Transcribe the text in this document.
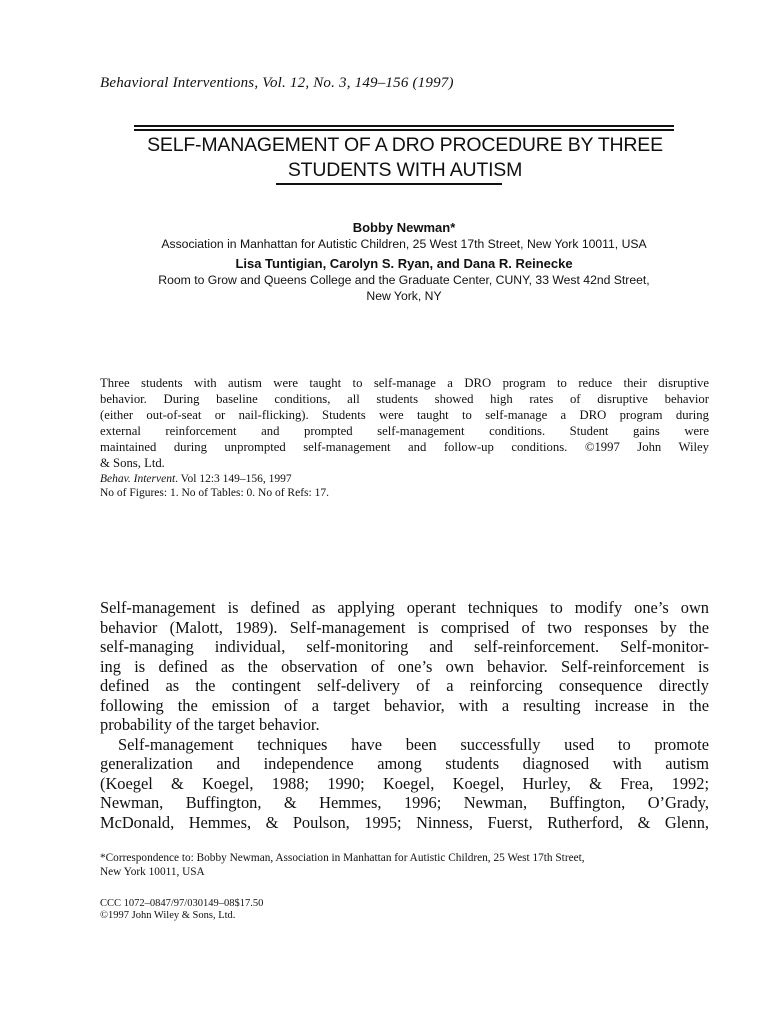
Behavioral Interventions, Vol. 12, No. 3, 149–156 (1997)
SELF-MANAGEMENT OF A DRO PROCEDURE BY THREE
STUDENTS WITH AUTISM
Bobby Newman*
Association in Manhattan for Autistic Children, 25 West 17th Street, New York 10011, USA
Lisa Tuntigian, Carolyn S. Ryan, and Dana R. Reinecke
Room to Grow and Queens College and the Graduate Center, CUNY, 33 West 42nd Street,
New York, NY
Three students with autism were taught to self-manage a DRO program to reduce their disruptive
behavior. During baseline conditions, all students showed high rates of disruptive behavior
(either out-of-seat or nail-flicking). Students were taught to self-manage a DRO program during
external reinforcement and prompted self-management conditions. Student gains were
maintained during unprompted self-management and follow-up conditions. ©1997 John Wiley
& Sons, Ltd.
Behav. Intervent. Vol 12:3 149–156, 1997
No of Figures: 1. No of Tables: 0. No of Refs: 17.
Self-management is defined as applying operant techniques to modify one’s own
behavior (Malott, 1989). Self-management is comprised of two responses by the
self-managing individual, self-monitoring and self-reinforcement. Self-monitor-
ing is defined as the observation of one’s own behavior. Self-reinforcement is
defined as the contingent self-delivery of a reinforcing consequence directly
following the emission of a target behavior, with a resulting increase in the
probability of the target behavior.
Self-management techniques have been successfully used to promote
generalization and independence among students diagnosed with autism
(Koegel & Koegel, 1988; 1990; Koegel, Koegel, Hurley, & Frea, 1992;
Newman, Buffington, & Hemmes, 1996; Newman, Buffington, O’Grady,
McDonald, Hemmes, & Poulson, 1995; Ninness, Fuerst, Rutherford, & Glenn,
*Correspondence to: Bobby Newman, Association in Manhattan for Autistic Children, 25 West 17th Street,
New York 10011, USA
CCC 1072–0847/97/030149–08$17.50
©1997 John Wiley & Sons, Ltd.
